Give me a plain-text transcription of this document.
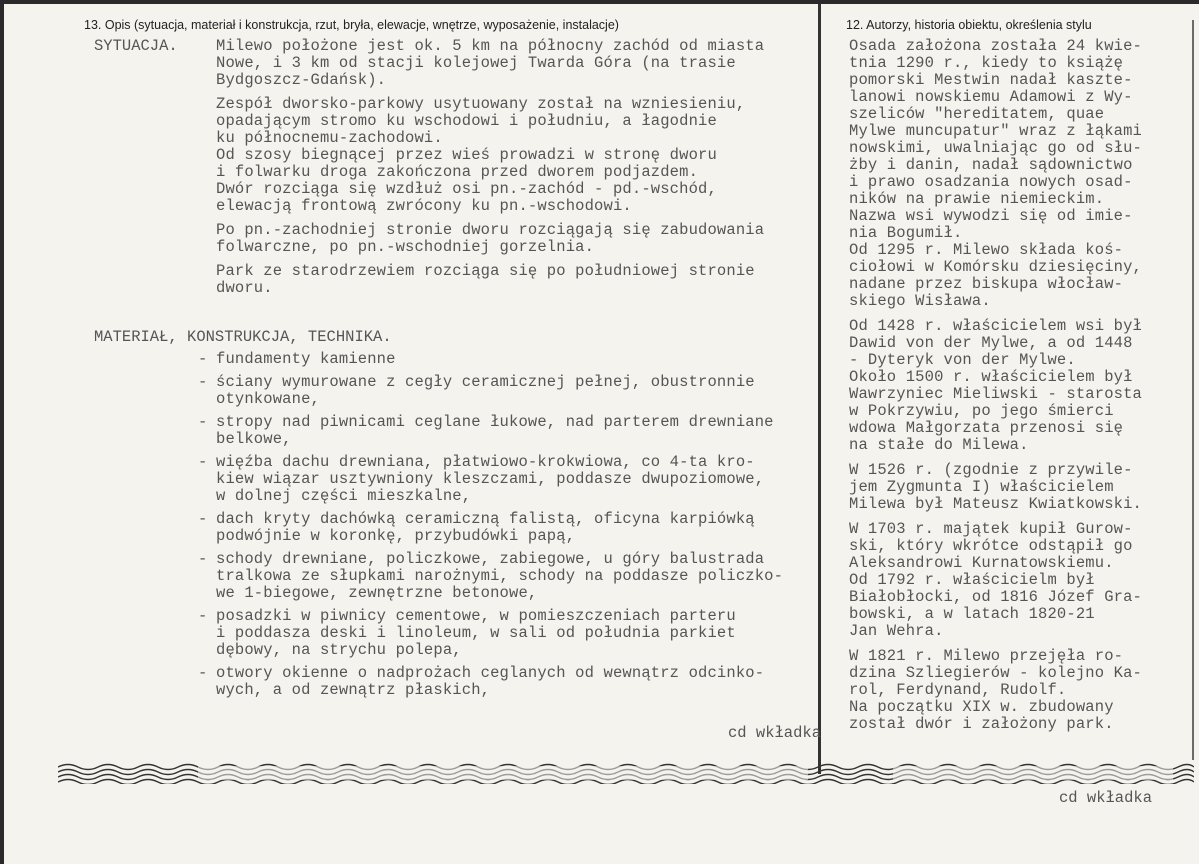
13. Opis (sytuacja, materiał i konstrukcja, rzut, bryła, elewacje, wnętrze, wyposażenie, instalacje)	12. Autorzy, historia obiektu, określenia stylu
SYTUACJA. Milewo położone jest ok. 5 km na północny zachód od miasta
Nowe, i 3 km od stacji kolejowej Twarda Góra (na trasie
Bydgoszcz-Gdańsk).

Zespół dworsko-parkowy usytuowany został na wzniesieniu,
opadającym stromo ku wschodowi i południu, a łagodnie
ku północnemu-zachodowi.
Od szosy biegnącej przez wieś prowadzi w stronę dworu
i folwarku droga zakończona przed dworem podjazdem.
Dwór rozciąga się wzdłuż osi pn.-zachód - pd.-wschód,
elewacją frontową zwrócony ku pn.-wschodowi.

Po pn.-zachodniej stronie dworu rozciągają się zabudowania
folwarczne, po pn.-wschodniej gorzelnia.

Park ze starodrzewiem rozciąga się po południowej stronie
dworu.

MATERIAŁ, KONSTRUKCJA, TECHNIKA.
- fundamenty kamienne
- ściany wymurowane z cegły ceramicznej pełnej, obustronnie
otynkowane,
- stropy nad piwnicami ceglane łukowe, nad parterem drewniane
belkowe,
- więźba dachu drewniana, płatwiowo-krokwiowa, co 4-ta kro-
kiew wiązar usztywniony kleszczami, poddasze dwupoziomowe,
w dolnej części mieszkalne,
- dach kryty dachówką ceramiczną falistą, oficyna karpiówką
podwójnie w koronkę, przybudówki papą,
- schody drewniane, policzkowe, zabiegowe, u góry balustrada
tralkowa ze słupkami narożnymi, schody na poddasze policzko-
we 1-biegowe, zewnętrzne betonowe,
- posadzki w piwnicy cementowe, w pomieszczeniach parteru
i poddasza deski i linoleum, w sali od południa parkiet
dębowy, na strychu polepa,
- otwory okienne o nadprożach ceglanych od wewnątrz odcinko-
wych, a od zewnątrz płaskich,
cd wkładka

Osada założona została 24 kwie-
tnia 1290 r., kiedy to książę
pomorski Mestwin nadał kaszte-
lanowi nowskiemu Adamowi z Wy-
szeliców "hereditatem, quae
Mylwe muncupatur" wraz z łąkami
nowskimi, uwalniając go od słu-
żby i danin, nadał sądownictwo
i prawo osadzania nowych osad-
ników na prawie niemieckim.
Nazwa wsi wywodzi się od imie-
nia Bogumił.
Od 1295 r. Milewo składa koś-
ciołowi w Komórsku dziesięciny,
nadane przez biskupa włocław-
skiego Wisława.

Od 1428 r. właścicielem wsi był
Dawid von der Mylwe, a od 1448
- Dyteryk von der Mylwe.
Około 1500 r. właścicielem był
Wawrzyniec Mieliwski - starosta
w Pokrzywiu, po jego śmierci
wdowa Małgorzata przenosi się
na stałe do Milewa.

W 1526 r. (zgodnie z przywile-
jem Zygmunta I) właścicielem
Milewa był Mateusz Kwiatkowski.

W 1703 r. majątek kupił Gurow-
ski, który wkrótce odstąpił go
Aleksandrowi Kurnatowskiemu.
Od 1792 r. właścicielm był
Białobłocki, od 1816 Józef Gra-
bowski, a w latach 1820-21
Jan Wehra.

W 1821 r. Milewo przejęła ro-
dzina Szliegierów - kolejno Ka-
rol, Ferdynand, Rudolf.
Na początku XIX w. zbudowany
został dwór i założony park.

cd wkładka
